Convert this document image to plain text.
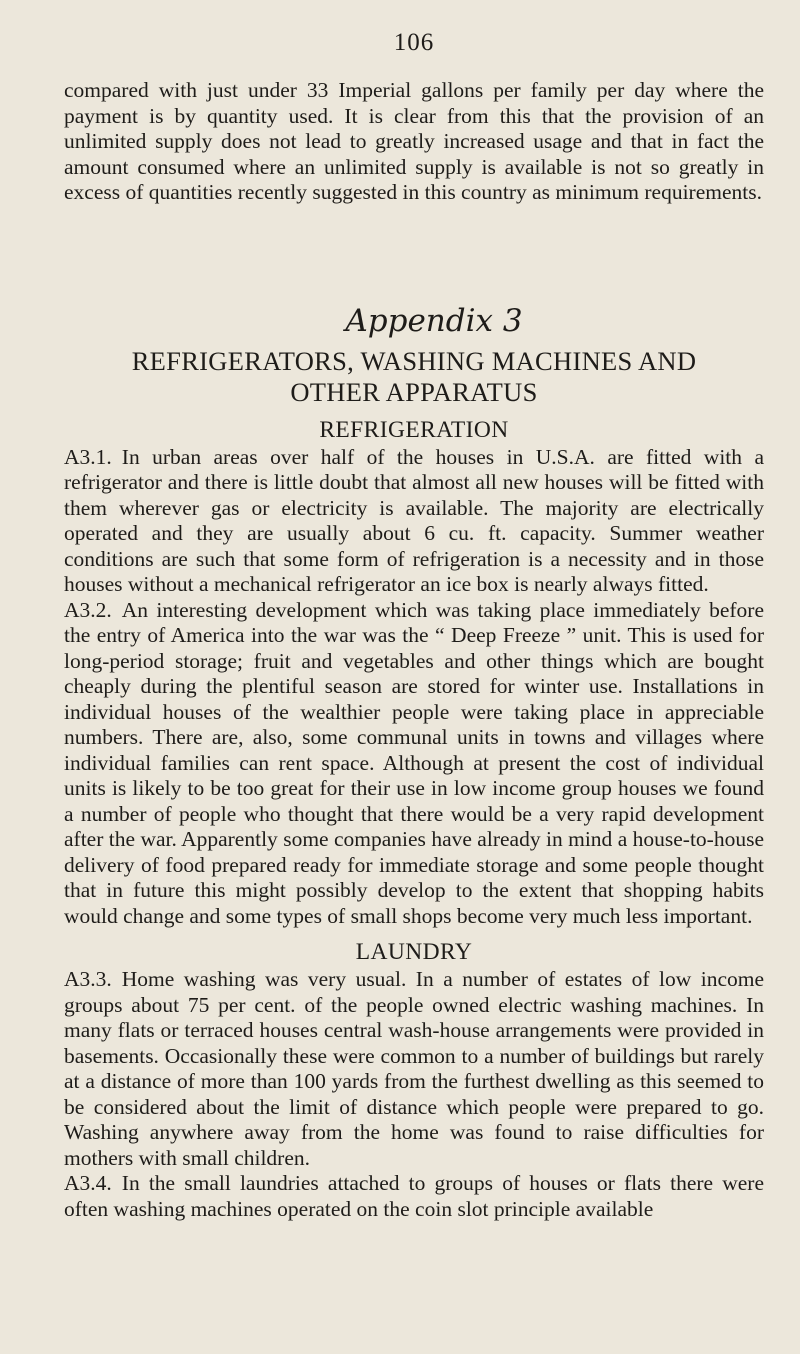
106

compared with just under 33 Imperial gallons per family per day where the payment is by quantity used. It is clear from this that the provision of an unlimited supply does not lead to greatly increased usage and that in fact the amount consumed where an unlimited supply is available is not so greatly in excess of quantities recently suggested in this country as minimum requirements.

Appendix 3
REFRIGERATORS, WASHING MACHINES AND
OTHER APPARATUS
REFRIGERATION

A3.1. In urban areas over half of the houses in U.S.A. are fitted with a refrigerator and there is little doubt that almost all new houses will be fitted with them wherever gas or electricity is available. The majority are electrically operated and they are usually about 6 cu. ft. capacity. Summer weather conditions are such that some form of refrigeration is a necessity and in those houses without a mechanical refrigerator an ice box is nearly always fitted.

A3.2. An interesting development which was taking place immediately before the entry of America into the war was the “ Deep Freeze ” unit. This is used for long-period storage; fruit and vegetables and other things which are bought cheaply during the plentiful season are stored for winter use. Installations in individual houses of the wealthier people were taking place in appreciable numbers. There are, also, some communal units in towns and villages where individual families can rent space. Although at present the cost of individual units is likely to be too great for their use in low income group houses we found a number of people who thought that there would be a very rapid development after the war. Apparently some companies have already in mind a house-to-house delivery of food prepared ready for immediate storage and some people thought that in future this might possibly develop to the extent that shopping habits would change and some types of small shops become very much less important.

LAUNDRY

A3.3. Home washing was very usual. In a number of estates of low income groups about 75 per cent. of the people owned electric washing machines. In many flats or terraced houses central wash-house arrangements were provided in basements. Occasionally these were common to a number of buildings but rarely at a distance of more than 100 yards from the furthest dwelling as this seemed to be considered about the limit of distance which people were prepared to go. Washing anywhere away from the home was found to raise difficulties for mothers with small children.

A3.4. In the small laundries attached to groups of houses or flats there were often washing machines operated on the coin slot principle available
